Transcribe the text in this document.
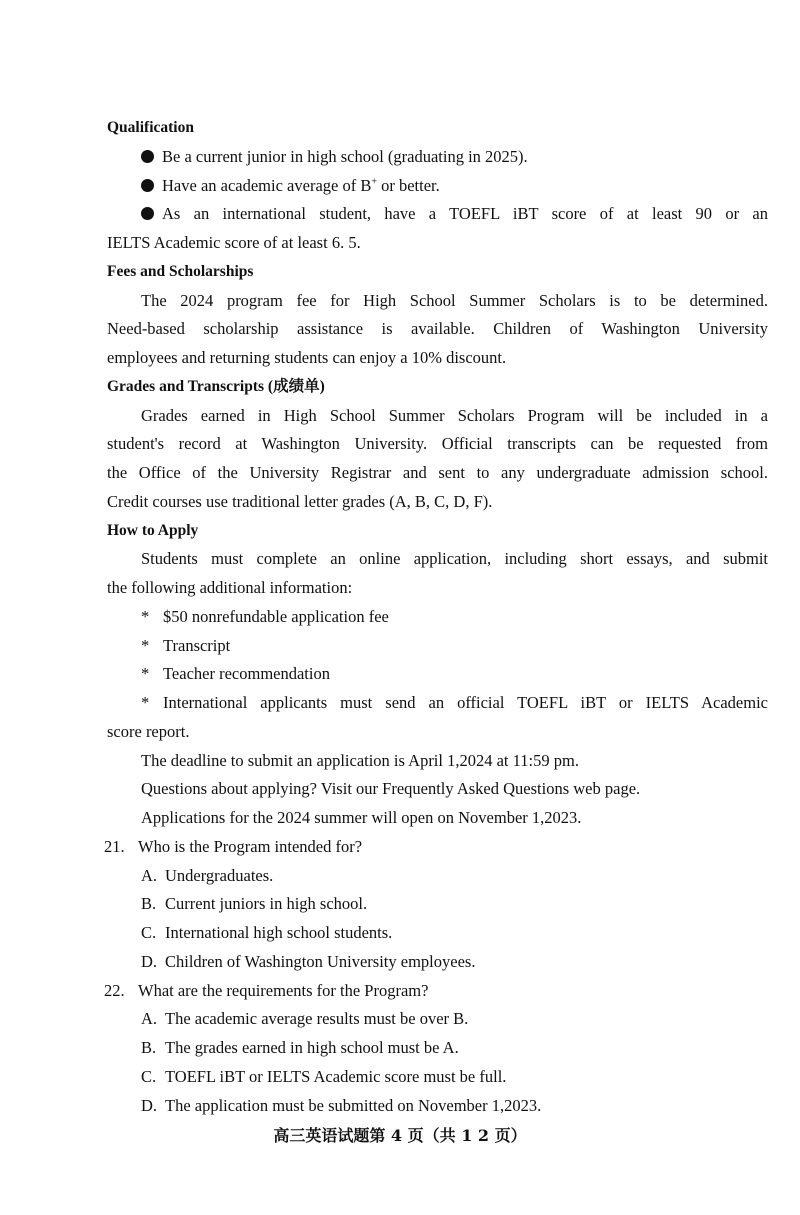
Qualification
Be a current junior in high school (graduating in 2025).
Have an academic average of B+ or better.
As an international student, have a TOEFL iBT score of at least 90 or an
IELTS Academic score of at least 6. 5.
Fees and Scholarships
The 2024 program fee for High School Summer Scholars is to be determined.
Need-based scholarship assistance is available. Children of Washington University
employees and returning students can enjoy a 10% discount.
Grades and Transcripts (成绩单)
Grades earned in High School Summer Scholars Program will be included in a
student's record at Washington University. Official transcripts can be requested from
the Office of the University Registrar and sent to any undergraduate admission school.
Credit courses use traditional letter grades (A, B, C, D, F).
How to Apply
Students must complete an online application, including short essays, and submit
the following additional information:
* $50 nonrefundable application fee
* Transcript
* Teacher recommendation
* International applicants must send an official TOEFL iBT or IELTS Academic
score report.
The deadline to submit an application is April 1,2024 at 11:59 pm.
Questions about applying? Visit our Frequently Asked Questions web page.
Applications for the 2024 summer will open on November 1,2023.
21. Who is the Program intended for?
A. Undergraduates.
B. Current juniors in high school.
C. International high school students.
D. Children of Washington University employees.
22. What are the requirements for the Program?
A. The academic average results must be over B.
B. The grades earned in high school must be A.
C. TOEFL iBT or IELTS Academic score must be full.
D. The application must be submitted on November 1,2023.
高三英语试题第 4 页（共 1 2 页）
